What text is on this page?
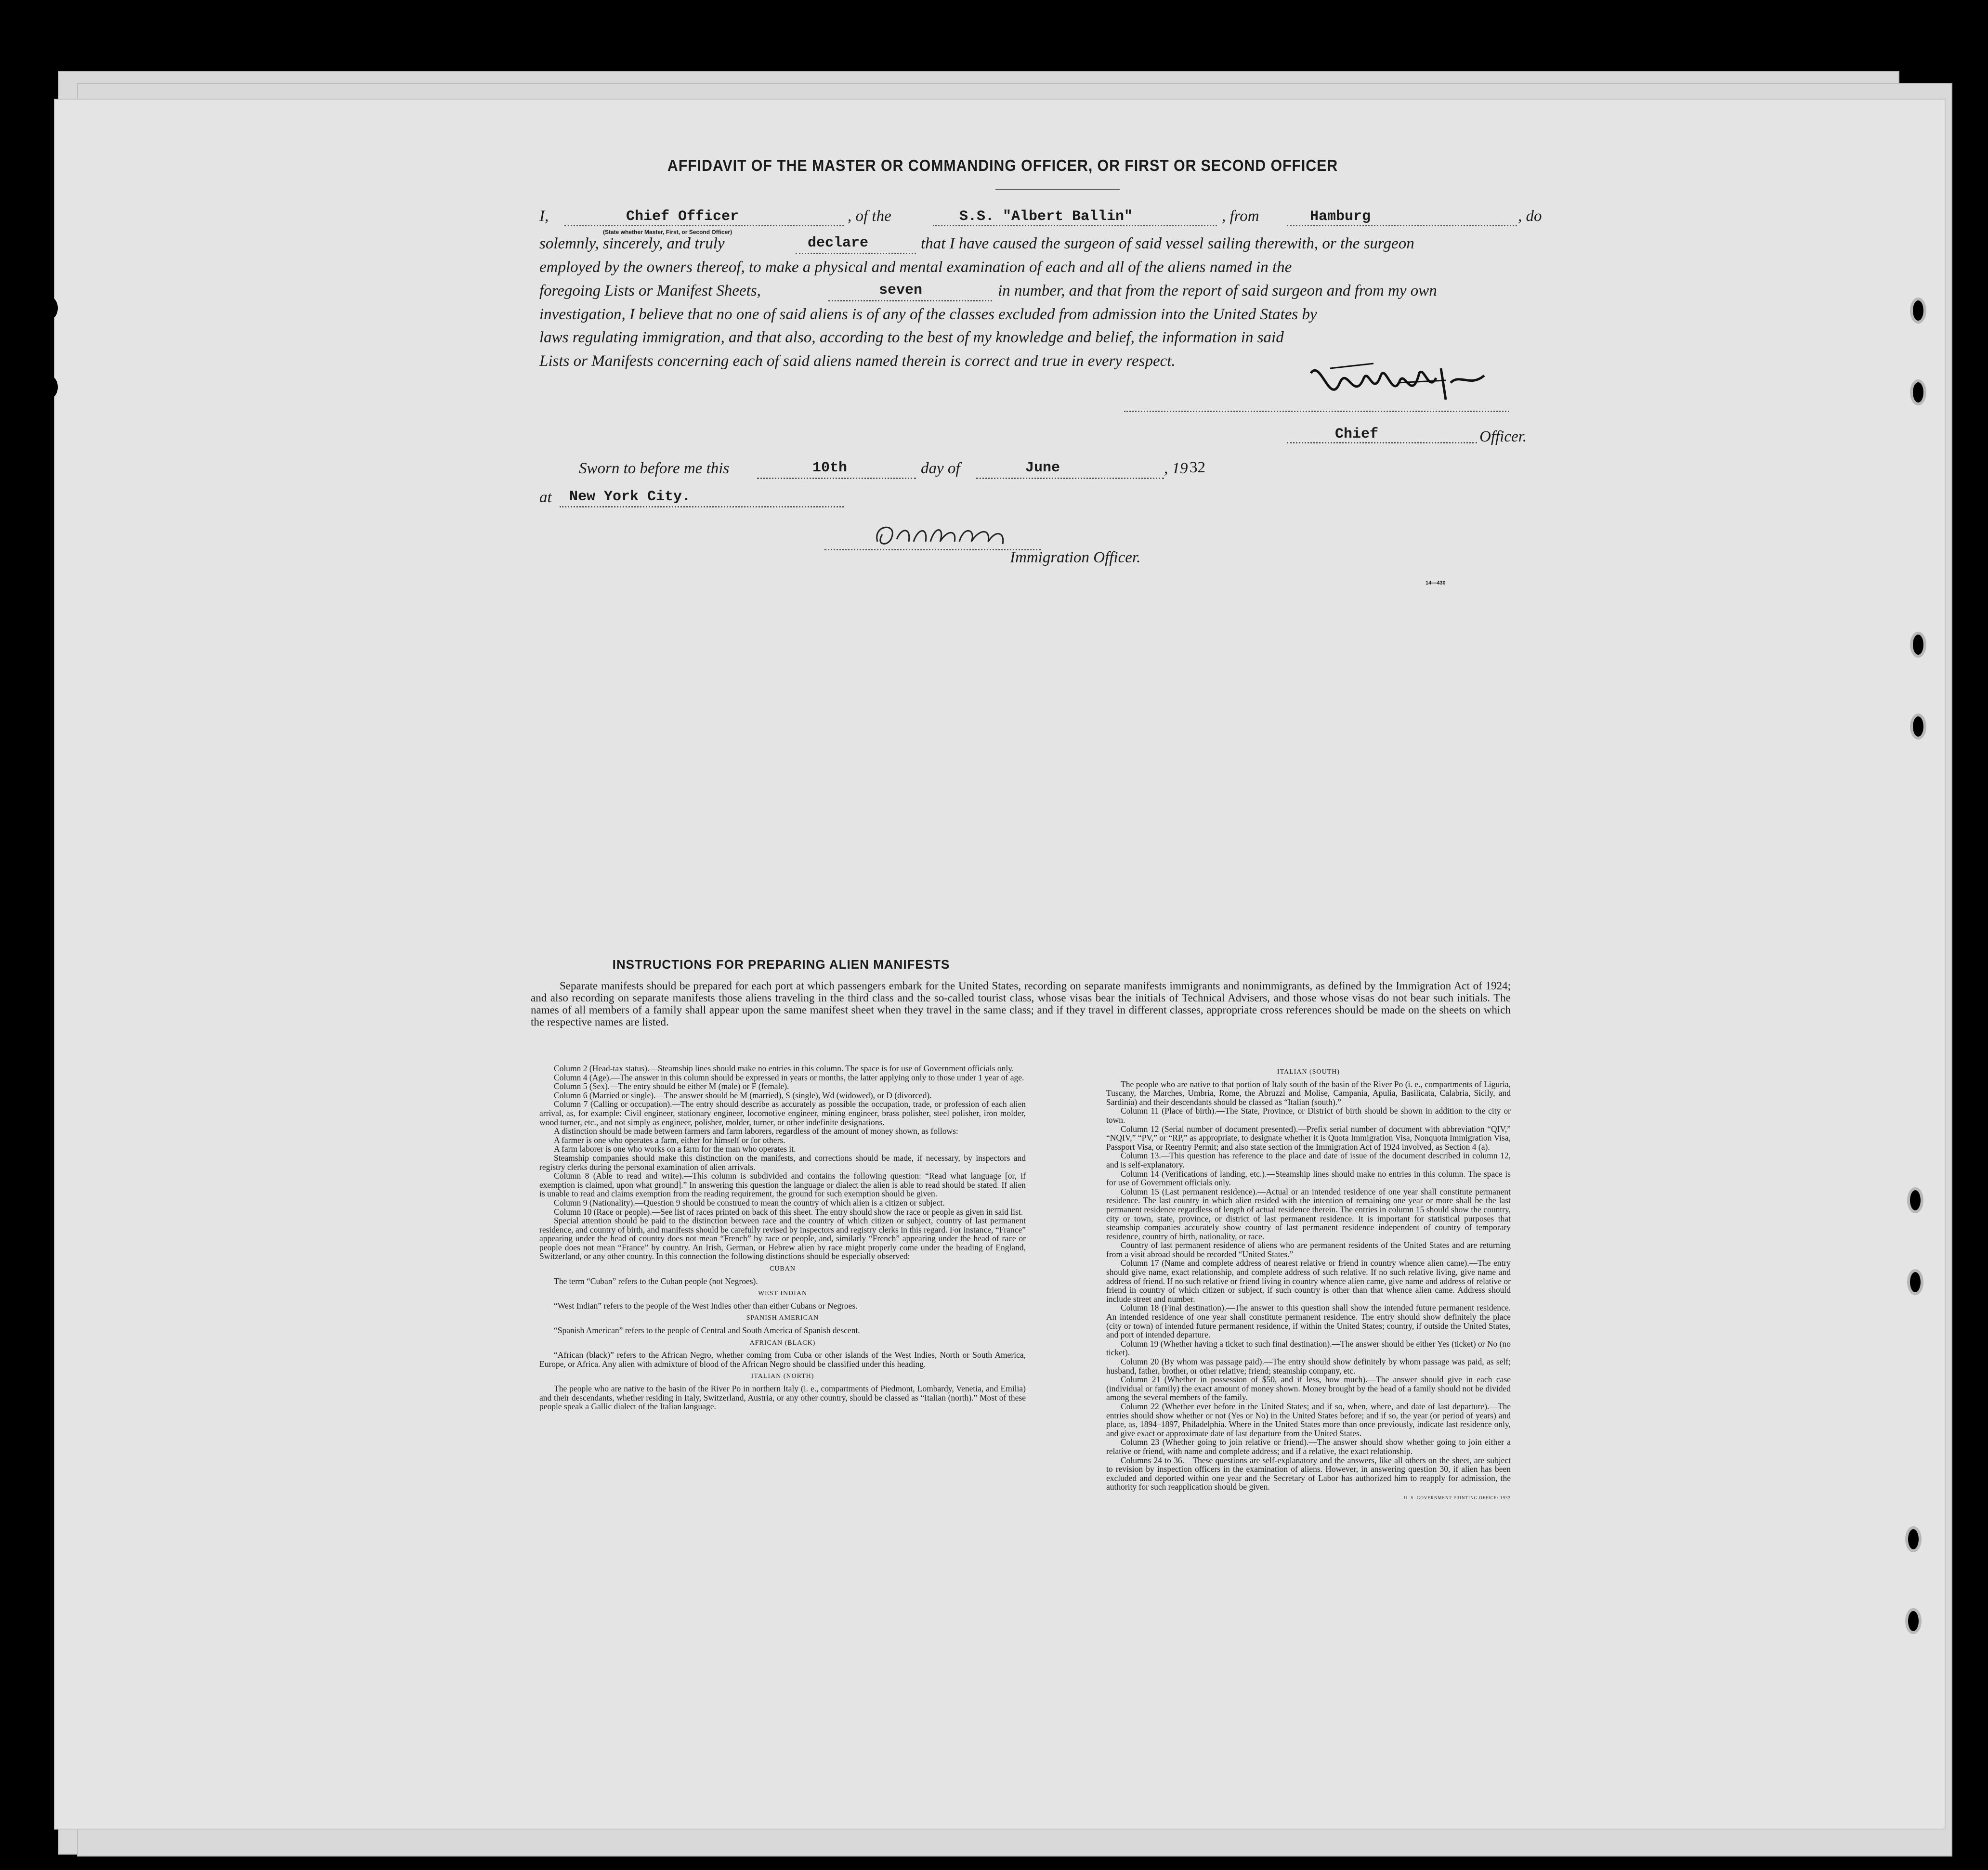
AFFIDAVIT OF THE MASTER OR COMMANDING OFFICER, OR FIRST OR SECOND OFFICER
I,	Chief Officer
(State whether Master, First, or Second Officer)
, of the	S.S. "Albert Ballin"	, from	Hamburg	, do
solemnly, sincerely, and truly	declare	that I have caused the surgeon of said vessel sailing therewith, or the surgeon
employed by the owners thereof, to make a physical and mental examination of each and all of the aliens named in the
foregoing Lists or Manifest Sheets,	seven	in number, and that from the report of said surgeon and from my own
investigation, I believe that no one of said aliens is of any of the classes excluded from admission into the United States by
laws regulating immigration, and that also, according to the best of my knowledge and belief, the information in said
Lists or Manifests concerning each of said aliens named therein is correct and true in every respect.
Chief	Officer.
Sworn to before me this	10th	day of	June	, 19 32
at New York City.
Immigration Officer.
14—430
INSTRUCTIONS FOR PREPARING ALIEN MANIFESTS
Separate manifests should be prepared for each port at which passengers embark for the United States, recording on separate manifests immigrants and nonimmigrants, as defined by the Immigration Act of 1924; and also recording on separate manifests those aliens traveling in the third class and the so-called tourist class, whose visas bear the initials of Technical Advisers, and those whose visas do not bear such initials. The names of all members of a family shall appear upon the same manifest sheet when they travel in the same class; and if they travel in different classes, appropriate cross references should be made on the sheets on which the respective names are listed.

Column 2 (Head-tax status).—Steamship lines should make no entries in this column. The space is for use of Government officials only.

Column 4 (Age).—The answer in this column should be expressed in years or months, the latter applying only to those under 1 year of age.

Column 5 (Sex).—The entry should be either M (male) or F (female).

Column 6 (Married or single).—The answer should be M (married), S (single), Wd (widowed), or D (divorced).

Column 7 (Calling or occupation).—The entry should describe as accurately as possible the occupation, trade, or profession of each alien arrival, as, for example: Civil engineer, stationary engineer, locomotive engineer, mining engineer, brass polisher, steel polisher, iron molder, wood turner, etc., and not simply as engineer, polisher, molder, turner, or other indefinite designations.

A distinction should be made between farmers and farm laborers, regardless of the amount of money shown, as follows:

A farmer is one who operates a farm, either for himself or for others.

A farm laborer is one who works on a farm for the man who operates it.

Steamship companies should make this distinction on the manifests, and corrections should be made, if necessary, by inspectors and registry clerks during the personal examination of alien arrivals.

Column 8 (Able to read and write).—This column is subdivided and contains the following question: “Read what language [or, if exemption is claimed, upon what ground].” In answering this question the language or dialect the alien is able to read should be stated. If alien is unable to read and claims exemption from the reading requirement, the ground for such exemption should be given.

Column 9 (Nationality).—Question 9 should be construed to mean the country of which alien is a citizen or subject.

Column 10 (Race or people).—See list of races printed on back of this sheet. The entry should show the race or people as given in said list.

Special attention should be paid to the distinction between race and the country of which citizen or subject, country of last permanent residence, and country of birth, and manifests should be carefully revised by inspectors and registry clerks in this regard. For instance, “France” appearing under the head of country does not mean “French” by race or people, and, similarly “French” appearing under the head of race or people does not mean “France” by country. An Irish, German, or Hebrew alien by race might properly come under the heading of England, Switzerland, or any other country. In this connection the following distinctions should be especially observed:

CUBAN

The term “Cuban” refers to the Cuban people (not Negroes).

WEST INDIAN

“West Indian” refers to the people of the West Indies other than either Cubans or Negroes.

SPANISH AMERICAN

“Spanish American” refers to the people of Central and South America of Spanish descent.

AFRICAN (BLACK)

“African (black)” refers to the African Negro, whether coming from Cuba or other islands of the West Indies, North or South America, Europe, or Africa. Any alien with admixture of blood of the African Negro should be classified under this heading.

ITALIAN (NORTH)

The people who are native to the basin of the River Po in northern Italy (i. e., compartments of Piedmont, Lombardy, Venetia, and Emilia) and their descendants, whether residing in Italy, Switzerland, Austria, or any other country, should be classed as “Italian (north).” Most of these people speak a Gallic dialect of the Italian language.

ITALIAN (SOUTH)

The people who are native to that portion of Italy south of the basin of the River Po (i. e., compartments of Liguria, Tuscany, the Marches, Umbria, Rome, the Abruzzi and Molise, Campania, Apulia, Basilicata, Calabria, Sicily, and Sardinia) and their descendants should be classed as “Italian (south).”

Column 11 (Place of birth).—The State, Province, or District of birth should be shown in addition to the city or town.

Column 12 (Serial number of document presented).—Prefix serial number of document with abbreviation “QIV,” “NQIV,” “PV,” or “RP,” as appropriate, to designate whether it is Quota Immigration Visa, Nonquota Immigration Visa, Passport Visa, or Reentry Permit; and also state section of the Immigration Act of 1924 involved, as Section 4 (a).

Column 13.—This question has reference to the place and date of issue of the document described in column 12, and is self-explanatory.

Column 14 (Verifications of landing, etc.).—Steamship lines should make no entries in this column. The space is for use of Government officials only.

Column 15 (Last permanent residence).—Actual or an intended residence of one year shall constitute permanent residence. The last country in which alien resided with the intention of remaining one year or more shall be the last permanent residence regardless of length of actual residence therein. The entries in column 15 should show the country, city or town, state, province, or district of last permanent residence. It is important for statistical purposes that steamship companies accurately show country of last permanent residence independent of country of temporary residence, country of birth, nationality, or race.

Country of last permanent residence of aliens who are permanent residents of the United States and are returning from a visit abroad should be recorded “United States.”

Column 17 (Name and complete address of nearest relative or friend in country whence alien came).—The entry should give name, exact relationship, and complete address of such relative. If no such relative living, give name and address of friend. If no such relative or friend living in country whence alien came, give name and address of relative or friend in country of which citizen or subject, if such country is other than that whence alien came. Address should include street and number.

Column 18 (Final destination).—The answer to this question shall show the intended future permanent residence. An intended residence of one year shall constitute permanent residence. The entry should show definitely the place (city or town) of intended future permanent residence, if within the United States; country, if outside the United States, and port of intended departure.

Column 19 (Whether having a ticket to such final destination).—The answer should be either Yes (ticket) or No (no ticket).

Column 20 (By whom was passage paid).—The entry should show definitely by whom passage was paid, as self; husband, father, brother, or other relative; friend; steamship company, etc.

Column 21 (Whether in possession of $50, and if less, how much).—The answer should give in each case (individual or family) the exact amount of money shown. Money brought by the head of a family should not be divided among the several members of the family.

Column 22 (Whether ever before in the United States; and if so, when, where, and date of last departure).—The entries should show whether or not (Yes or No) in the United States before; and if so, the year (or period of years) and place, as, 1894–1897, Philadelphia. Where in the United States more than once previously, indicate last residence only, and give exact or approximate date of last departure from the United States.

Column 23 (Whether going to join relative or friend).—The answer should show whether going to join either a relative or friend, with name and complete address; and if a relative, the exact relationship.

Columns 24 to 36.—These questions are self-explanatory and the answers, like all others on the sheet, are subject to revision by inspection officers in the examination of aliens. However, in answering question 30, if alien has been excluded and deported within one year and the Secretary of Labor has authorized him to reapply for admission, the authority for such reapplication should be given.

U. S. GOVERNMENT PRINTING OFFICE: 1932
